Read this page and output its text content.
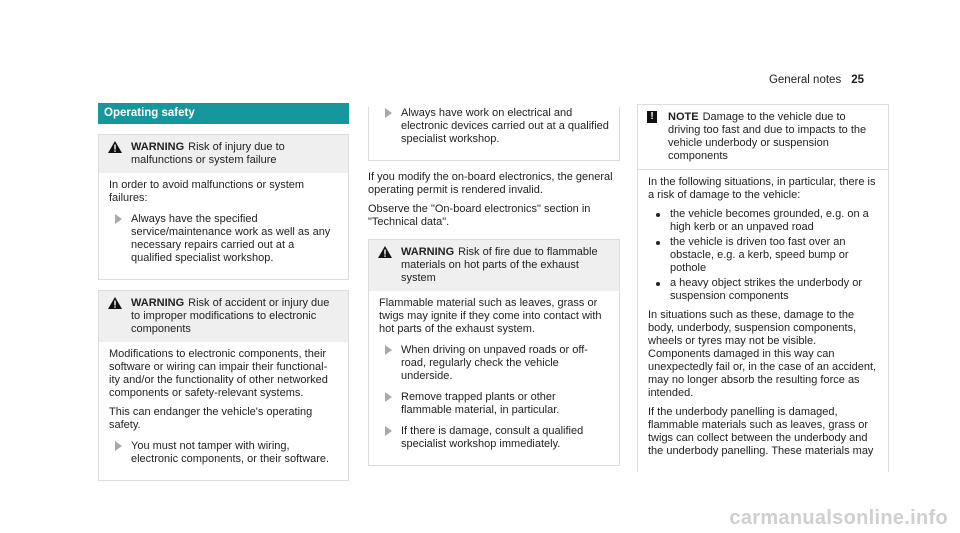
General notes 25
Operating safety
WARNING Risk of injury due to malfunctions or system failure

In order to avoid malfunctions or system failures:

Always have the specified service/maintenance work as well as any necessary repairs carried out at a qualified specialist workshop.
WARNING Risk of accident or injury due to improper modifications to electronic components

Modifications to electronic components, their software or wiring can impair their functional-ity and/or the functionality of other networked components or safety-relevant systems.

This can endanger the vehicle's operating safety.

You must not tamper with wiring, electronic components, or their software.
Always have work on electrical and electronic devices carried out at a qualified specialist workshop.

If you modify the on-board electronics, the general operating permit is rendered invalid.

Observe the "On-board electronics" section in "Technical data".

WARNING Risk of fire due to flammable materials on hot parts of the exhaust system

Flammable material such as leaves, grass or twigs may ignite if they come into contact with hot parts of the exhaust system.

When driving on unpaved roads or off-road, regularly check the vehicle underside.
Remove trapped plants or other flammable material, in particular.
If there is damage, consult a qualified specialist workshop immediately.
!	NOTE Damage to the vehicle due to driving too fast and due to impacts to the vehicle underbody or suspension components

In the following situations, in particular, there is a risk of damage to the vehicle:

the vehicle becomes grounded, e.g. on a high kerb or an unpaved road
the vehicle is driven too fast over an obstacle, e.g. a kerb, speed bump or pothole
a heavy object strikes the underbody or suspension components

In situations such as these, damage to the body, underbody, suspension components, wheels or tyres may not be visible. Components damaged in this way can unexpectedly fail or, in the case of an accident, may no longer absorb the resulting force as intended.

If the underbody panelling is damaged, flammable materials such as leaves, grass or twigs can collect between the underbody and the underbody panelling. These materials may

carmanualsonline.info
